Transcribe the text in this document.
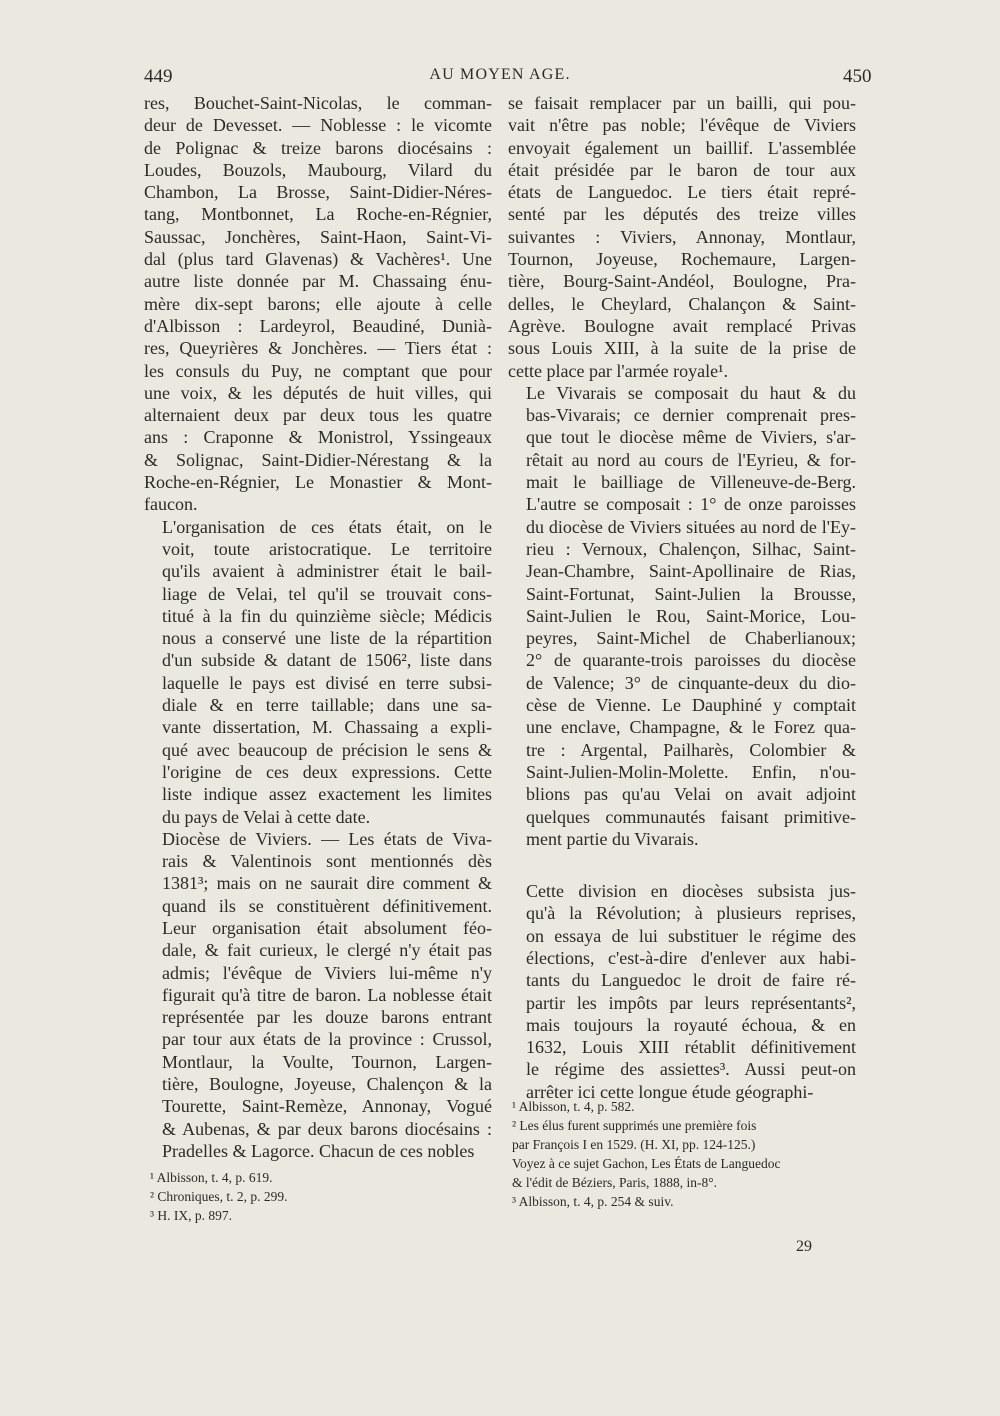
449	AU MOYEN AGE.	450

res, Bouchet-Saint-Nicolas, le comman-
deur de Devesset. — Noblesse : le vicomte
de Polignac & treize barons diocésains :
Loudes, Bouzols, Maubourg, Vilard du
Chambon, La Brosse, Saint-Didier-Néres-
tang, Montbonnet, La Roche-en-Régnier,
Saussac, Jonchères, Saint-Haon, Saint-Vi-
dal (plus tard Glavenas) & Vachères¹. Une
autre liste donnée par M. Chassaing énu-
mère dix-sept barons; elle ajoute à celle
d'Albisson : Lardeyrol, Beaudiné, Dunià-
res, Queyrières & Jonchères. — Tiers état :
les consuls du Puy, ne comptant que pour
une voix, & les députés de huit villes, qui
alternaient deux par deux tous les quatre
ans : Craponne & Monistrol, Yssingeaux
& Solignac, Saint-Didier-Nérestang & la
Roche-en-Régnier, Le Monastier & Mont-
faucon.

L'organisation de ces états était, on le
voit, toute aristocratique. Le territoire
qu'ils avaient à administrer était le bail-
liage de Velai, tel qu'il se trouvait cons-
titué à la fin du quinzième siècle; Médicis
nous a conservé une liste de la répartition
d'un subside & datant de 1506², liste dans
laquelle le pays est divisé en terre subsi-
diale & en terre taillable; dans une sa-
vante dissertation, M. Chassaing a expli-
qué avec beaucoup de précision le sens &
l'origine de ces deux expressions. Cette
liste indique assez exactement les limites
du pays de Velai à cette date.

Diocèse de Viviers. — Les états de Viva-
rais & Valentinois sont mentionnés dès
1381³; mais on ne saurait dire comment &
quand ils se constituèrent définitivement.
Leur organisation était absolument féo-
dale, & fait curieux, le clergé n'y était pas
admis; l'évêque de Viviers lui-même n'y
figurait qu'à titre de baron. La noblesse était
représentée par les douze barons entrant
par tour aux états de la province : Crussol,
Montlaur, la Voulte, Tournon, Largen-
tière, Boulogne, Joyeuse, Chalençon & la
Tourette, Saint-Remèze, Annonay, Vogué
& Aubenas, & par deux barons diocésains :
Pradelles & Lagorce. Chacun de ces nobles

¹ Albisson, t. 4, p. 619.
² Chroniques, t. 2, p. 299.
³ H. IX, p. 897.

se faisait remplacer par un bailli, qui pou-
vait n'être pas noble; l'évêque de Viviers
envoyait également un baillif. L'assemblée
était présidée par le baron de tour aux
états de Languedoc. Le tiers était repré-
senté par les députés des treize villes
suivantes : Viviers, Annonay, Montlaur,
Tournon, Joyeuse, Rochemaure, Largen-
tière, Bourg-Saint-Andéol, Boulogne, Pra-
delles, le Cheylard, Chalançon & Saint-
Agrève. Boulogne avait remplacé Privas
sous Louis XIII, à la suite de la prise de
cette place par l'armée royale¹.

Le Vivarais se composait du haut & du
bas-Vivarais; ce dernier comprenait pres-
que tout le diocèse même de Viviers, s'ar-
rêtait au nord au cours de l'Eyrieu, & for-
mait le bailliage de Villeneuve-de-Berg.
L'autre se composait : 1° de onze paroisses
du diocèse de Viviers situées au nord de l'Ey-
rieu : Vernoux, Chalençon, Silhac, Saint-
Jean-Chambre, Saint-Apollinaire de Rias,
Saint-Fortunat, Saint-Julien la Brousse,
Saint-Julien le Rou, Saint-Morice, Lou-
peyres, Saint-Michel de Chaberlianoux;
2° de quarante-trois paroisses du diocèse
de Valence; 3° de cinquante-deux du dio-
cèse de Vienne. Le Dauphiné y comptait
une enclave, Champagne, & le Forez qua-
tre : Argental, Pailharès, Colombier &
Saint-Julien-Molin-Molette. Enfin, n'ou-
blions pas qu'au Velai on avait adjoint
quelques communautés faisant primitive-
ment partie du Vivarais.

Cette division en diocèses subsista jus-
qu'à la Révolution; à plusieurs reprises,
on essaya de lui substituer le régime des
élections, c'est-à-dire d'enlever aux habi-
tants du Languedoc le droit de faire ré-
partir les impôts par leurs représentants²,
mais toujours la royauté échoua, & en
1632, Louis XIII rétablit définitivement
le régime des assiettes³. Aussi peut-on
arrêter ici cette longue étude géographi-

¹ Albisson, t. 4, p. 582.
² Les élus furent supprimés une première fois
par François I en 1529. (H. XI, pp. 124-125.)
Voyez à ce sujet Gachon, Les États de Languedoc
& l'édit de Béziers, Paris, 1888, in-8°.
³ Albisson, t. 4, p. 254 & suiv.
29
